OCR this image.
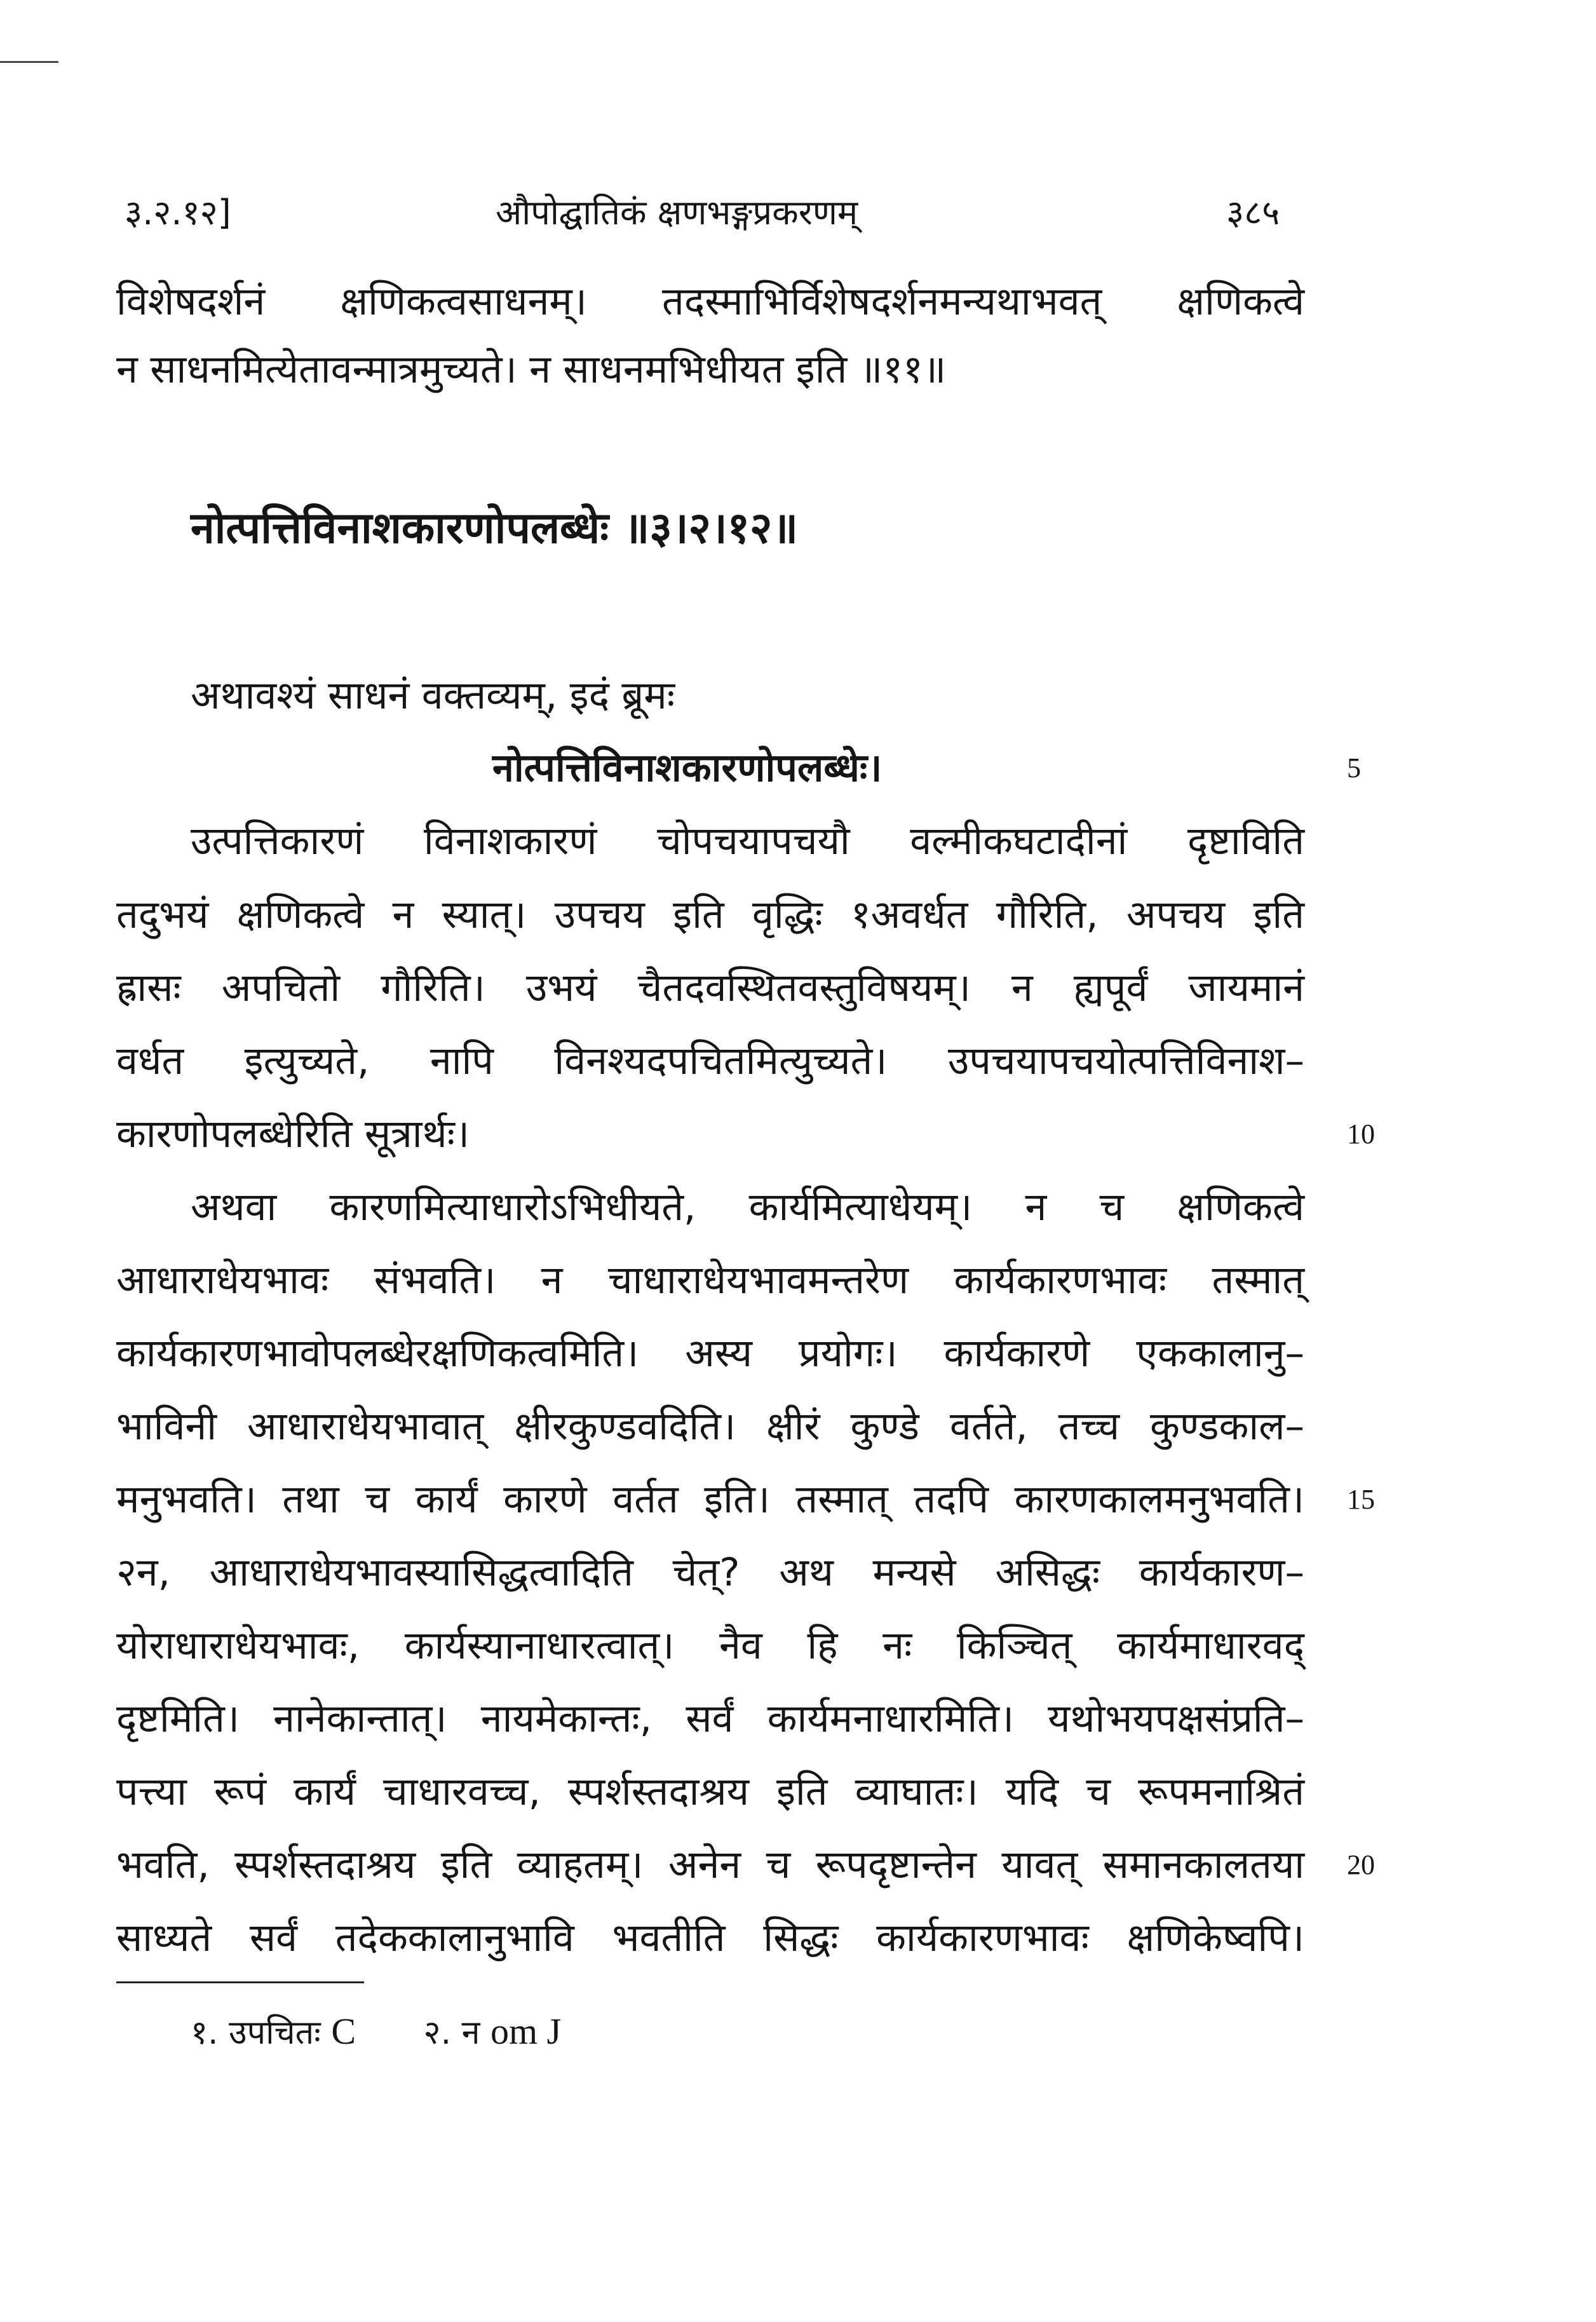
३.२.१२]	औपोद्घातिकं क्षणभङ्गप्रकरणम्	३८५
विशेषदर्शनं क्षणिकत्वसाधनम्। तदस्माभिर्विशेषदर्शनमन्यथाभवत् क्षणिकत्वे
न साधनमित्येतावन्मात्रमुच्यते। न साधनमभिधीयत इति ॥११॥
नोत्पत्तिविनाशकारणोपलब्धेः ॥३।२।१२॥
अथावश्यं साधनं वक्तव्यम्, इदं ब्रूमः
नोत्पत्तिविनाशकारणोपलब्धेः।
उत्पत्तिकारणं विनाशकारणं चोपचयापचयौ वल्मीकघटादीनां दृष्टाविति
तदुभयं क्षणिकत्वे न स्यात्। उपचय इति वृद्धिः १अवर्धत गौरिति, अपचय इति
ह्रासः अपचितो गौरिति। उभयं चैतदवस्थितवस्तुविषयम्। न ह्यपूर्वं जायमानं
वर्धत इत्युच्यते, नापि विनश्यदपचितमित्युच्यते। उपचयापचयोत्पत्तिविनाश–
कारणोपलब्धेरिति सूत्रार्थः।
अथवा कारणमित्याधारोऽभिधीयते, कार्यमित्याधेयम्। न च क्षणिकत्वे
आधाराधेयभावः संभवति। न चाधाराधेयभावमन्तरेण कार्यकारणभावः तस्मात्
कार्यकारणभावोपलब्धेरक्षणिकत्वमिति। अस्य प्रयोगः। कार्यकारणे एककालानु–
भाविनी आधाराधेयभावात् क्षीरकुण्डवदिति। क्षीरं कुण्डे वर्तते, तच्च कुण्डकाल–
मनुभवति। तथा च कार्यं कारणे वर्तत इति। तस्मात् तदपि कारणकालमनुभवति।
२न, आधाराधेयभावस्यासिद्धत्वादिति चेत्? अथ मन्यसे असिद्धः कार्यकारण–
योराधाराधेयभावः, कार्यस्यानाधारत्वात्। नैव हि नः किञ्चित् कार्यमाधारवद्
दृष्टमिति। नानेकान्तात्। नायमेकान्तः, सर्वं कार्यमनाधारमिति। यथोभयपक्षसंप्रति–
पत्त्या रूपं कार्यं चाधारवच्च, स्पर्शस्तदाश्रय इति व्याघातः। यदि च रूपमनाश्रितं
भवति, स्पर्शस्तदाश्रय इति व्याहतम्। अनेन च रूपदृष्टान्तेन यावत् समानकालतया
साध्यते सर्वं तदेककालानुभावि भवतीति सिद्धः कार्यकारणभावः क्षणिकेष्वपि।
5
10
15
20
१. उपचितः C २. न om J
